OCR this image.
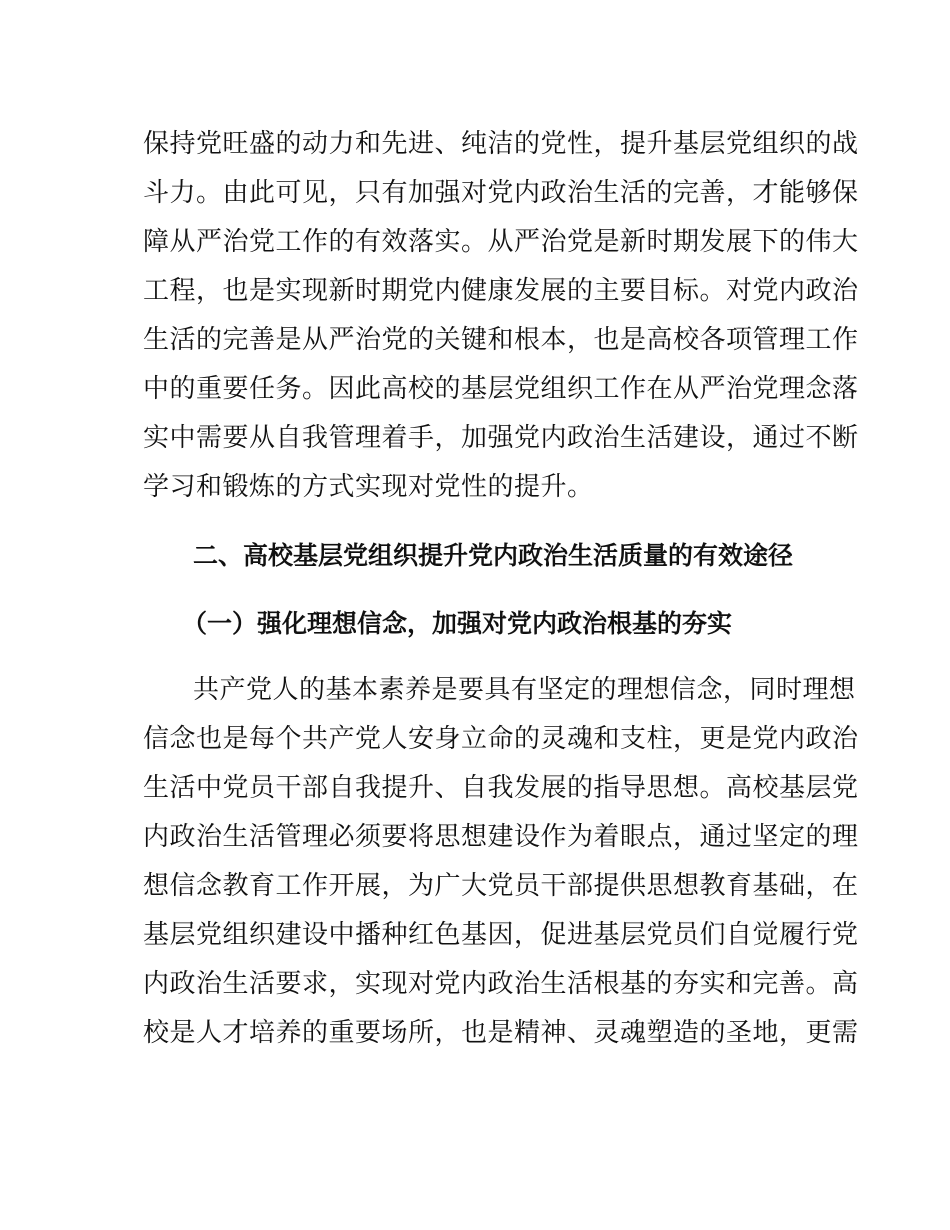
保持党旺盛的动力和先进、纯洁的党性，提升基层党组织的战
斗力。由此可见，只有加强对党内政治生活的完善，才能够保
障从严治党工作的有效落实。从严治党是新时期发展下的伟大
工程，也是实现新时期党内健康发展的主要目标。对党内政治
生活的完善是从严治党的关键和根本，也是高校各项管理工作
中的重要任务。因此高校的基层党组织工作在从严治党理念落
实中需要从自我管理着手，加强党内政治生活建设，通过不断
学习和锻炼的方式实现对党性的提升。
二、高校基层党组织提升党内政治生活质量的有效途径
（一）强化理想信念，加强对党内政治根基的夯实
共产党人的基本素养是要具有坚定的理想信念，同时理想
信念也是每个共产党人安身立命的灵魂和支柱，更是党内政治
生活中党员干部自我提升、自我发展的指导思想。高校基层党
内政治生活管理必须要将思想建设作为着眼点，通过坚定的理
想信念教育工作开展，为广大党员干部提供思想教育基础，在
基层党组织建设中播种红色基因，促进基层党员们自觉履行党
内政治生活要求，实现对党内政治生活根基的夯实和完善。高
校是人才培养的重要场所，也是精神、灵魂塑造的圣地，更需
